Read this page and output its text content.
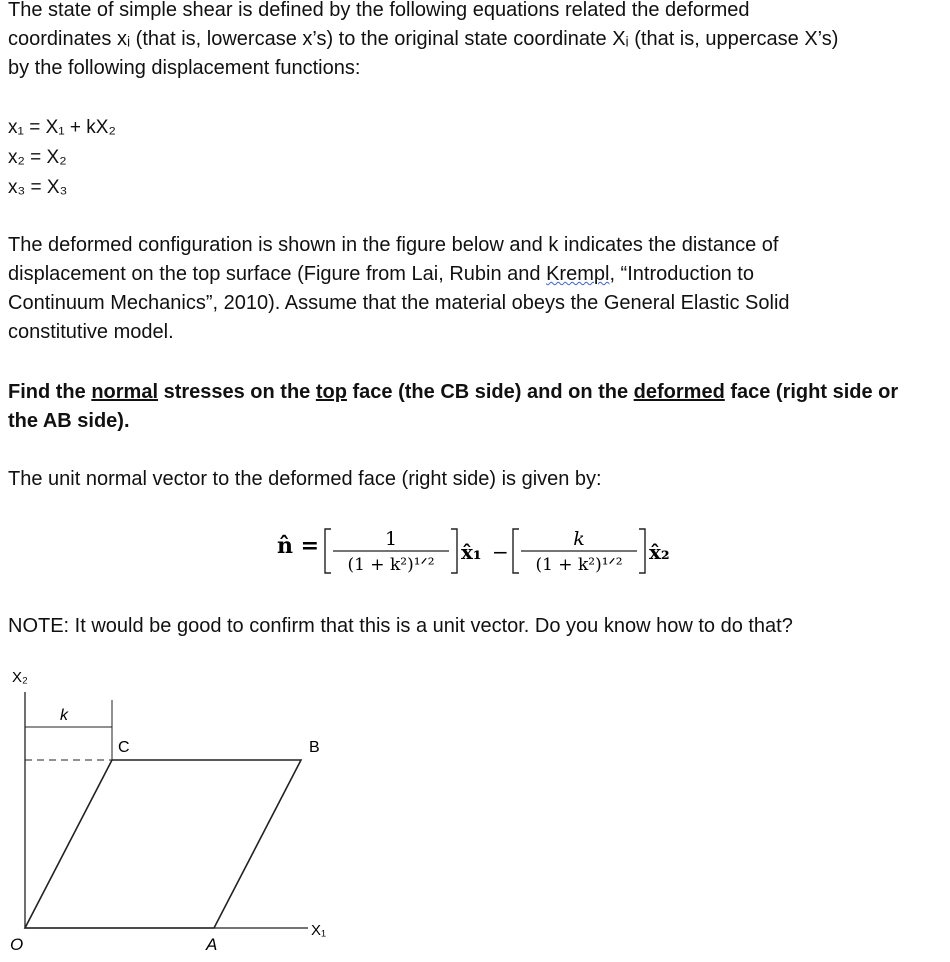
The state of simple shear is defined by the following equations related the deformed

coordinates xᵢ (that is, lowercase x’s) to the original state coordinate Xᵢ (that is, uppercase X’s)

by the following displacement functions:

x₁ = X₁ + kX₂
x₂ = X₂
x₃ = X₃

The deformed configuration is shown in the figure below and k indicates the distance of

displacement on the top surface (Figure from Lai, Rubin and Krempl, “Introduction to

Continuum Mechanics”, 2010). Assume that the material obeys the General Elastic Solid

constitutive model.

Find the normal stresses on the top face (the CB side) and on the deformed face (right side or
the AB side).

The unit normal vector to the deformed face (right side) is given by:

n̂ =	1
(1 + k²)¹ᐟ²
x̂₁ −
k
(1 + k²)¹ᐟ²
x̂₂

NOTE: It would be good to confirm that this is a unit vector. Do you know how to do that?

X₂
X₁
O
k
C	B
A
